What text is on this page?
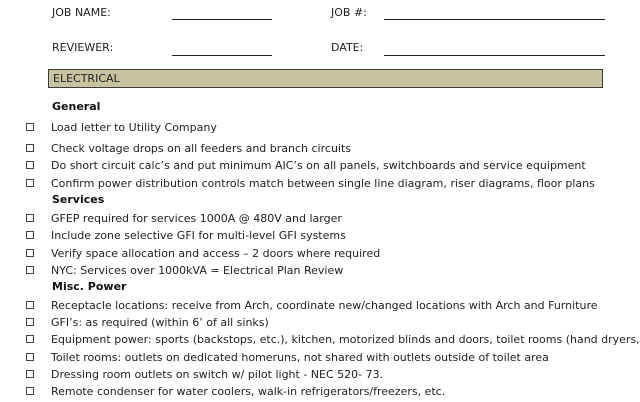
JOB NAME:	JOB #:
REVIEWER:	DATE:
ELECTRICAL
General
Load letter to Utility Company
Check voltage drops on all feeders and branch circuits
Do short circuit calc’s and put minimum AIC’s on all panels, switchboards and service equipment
Confirm power distribution controls match between single line diagram, riser diagrams, floor plans
Services
GFEP required for services 1000A @ 480V and larger
Include zone selective GFI for multi-level GFI systems
Verify space allocation and access – 2 doors where required
NYC: Services over 1000kVA = Electrical Plan Review
Misc. Power
Receptacle locations: receive from Arch, coordinate new/changed locations with Arch and Furniture
GFI’s: as required (within 6’ of all sinks)
Equipment power: sports (backstops, etc.), kitchen, motorized blinds and doors, toilet rooms (hand dryers,
Toilet rooms: outlets on dedicated homeruns, not shared with outlets outside of toilet area
Dressing room outlets on switch w/ pilot light - NEC 520- 73.
Remote condenser for water coolers, walk-in refrigerators/freezers, etc.
